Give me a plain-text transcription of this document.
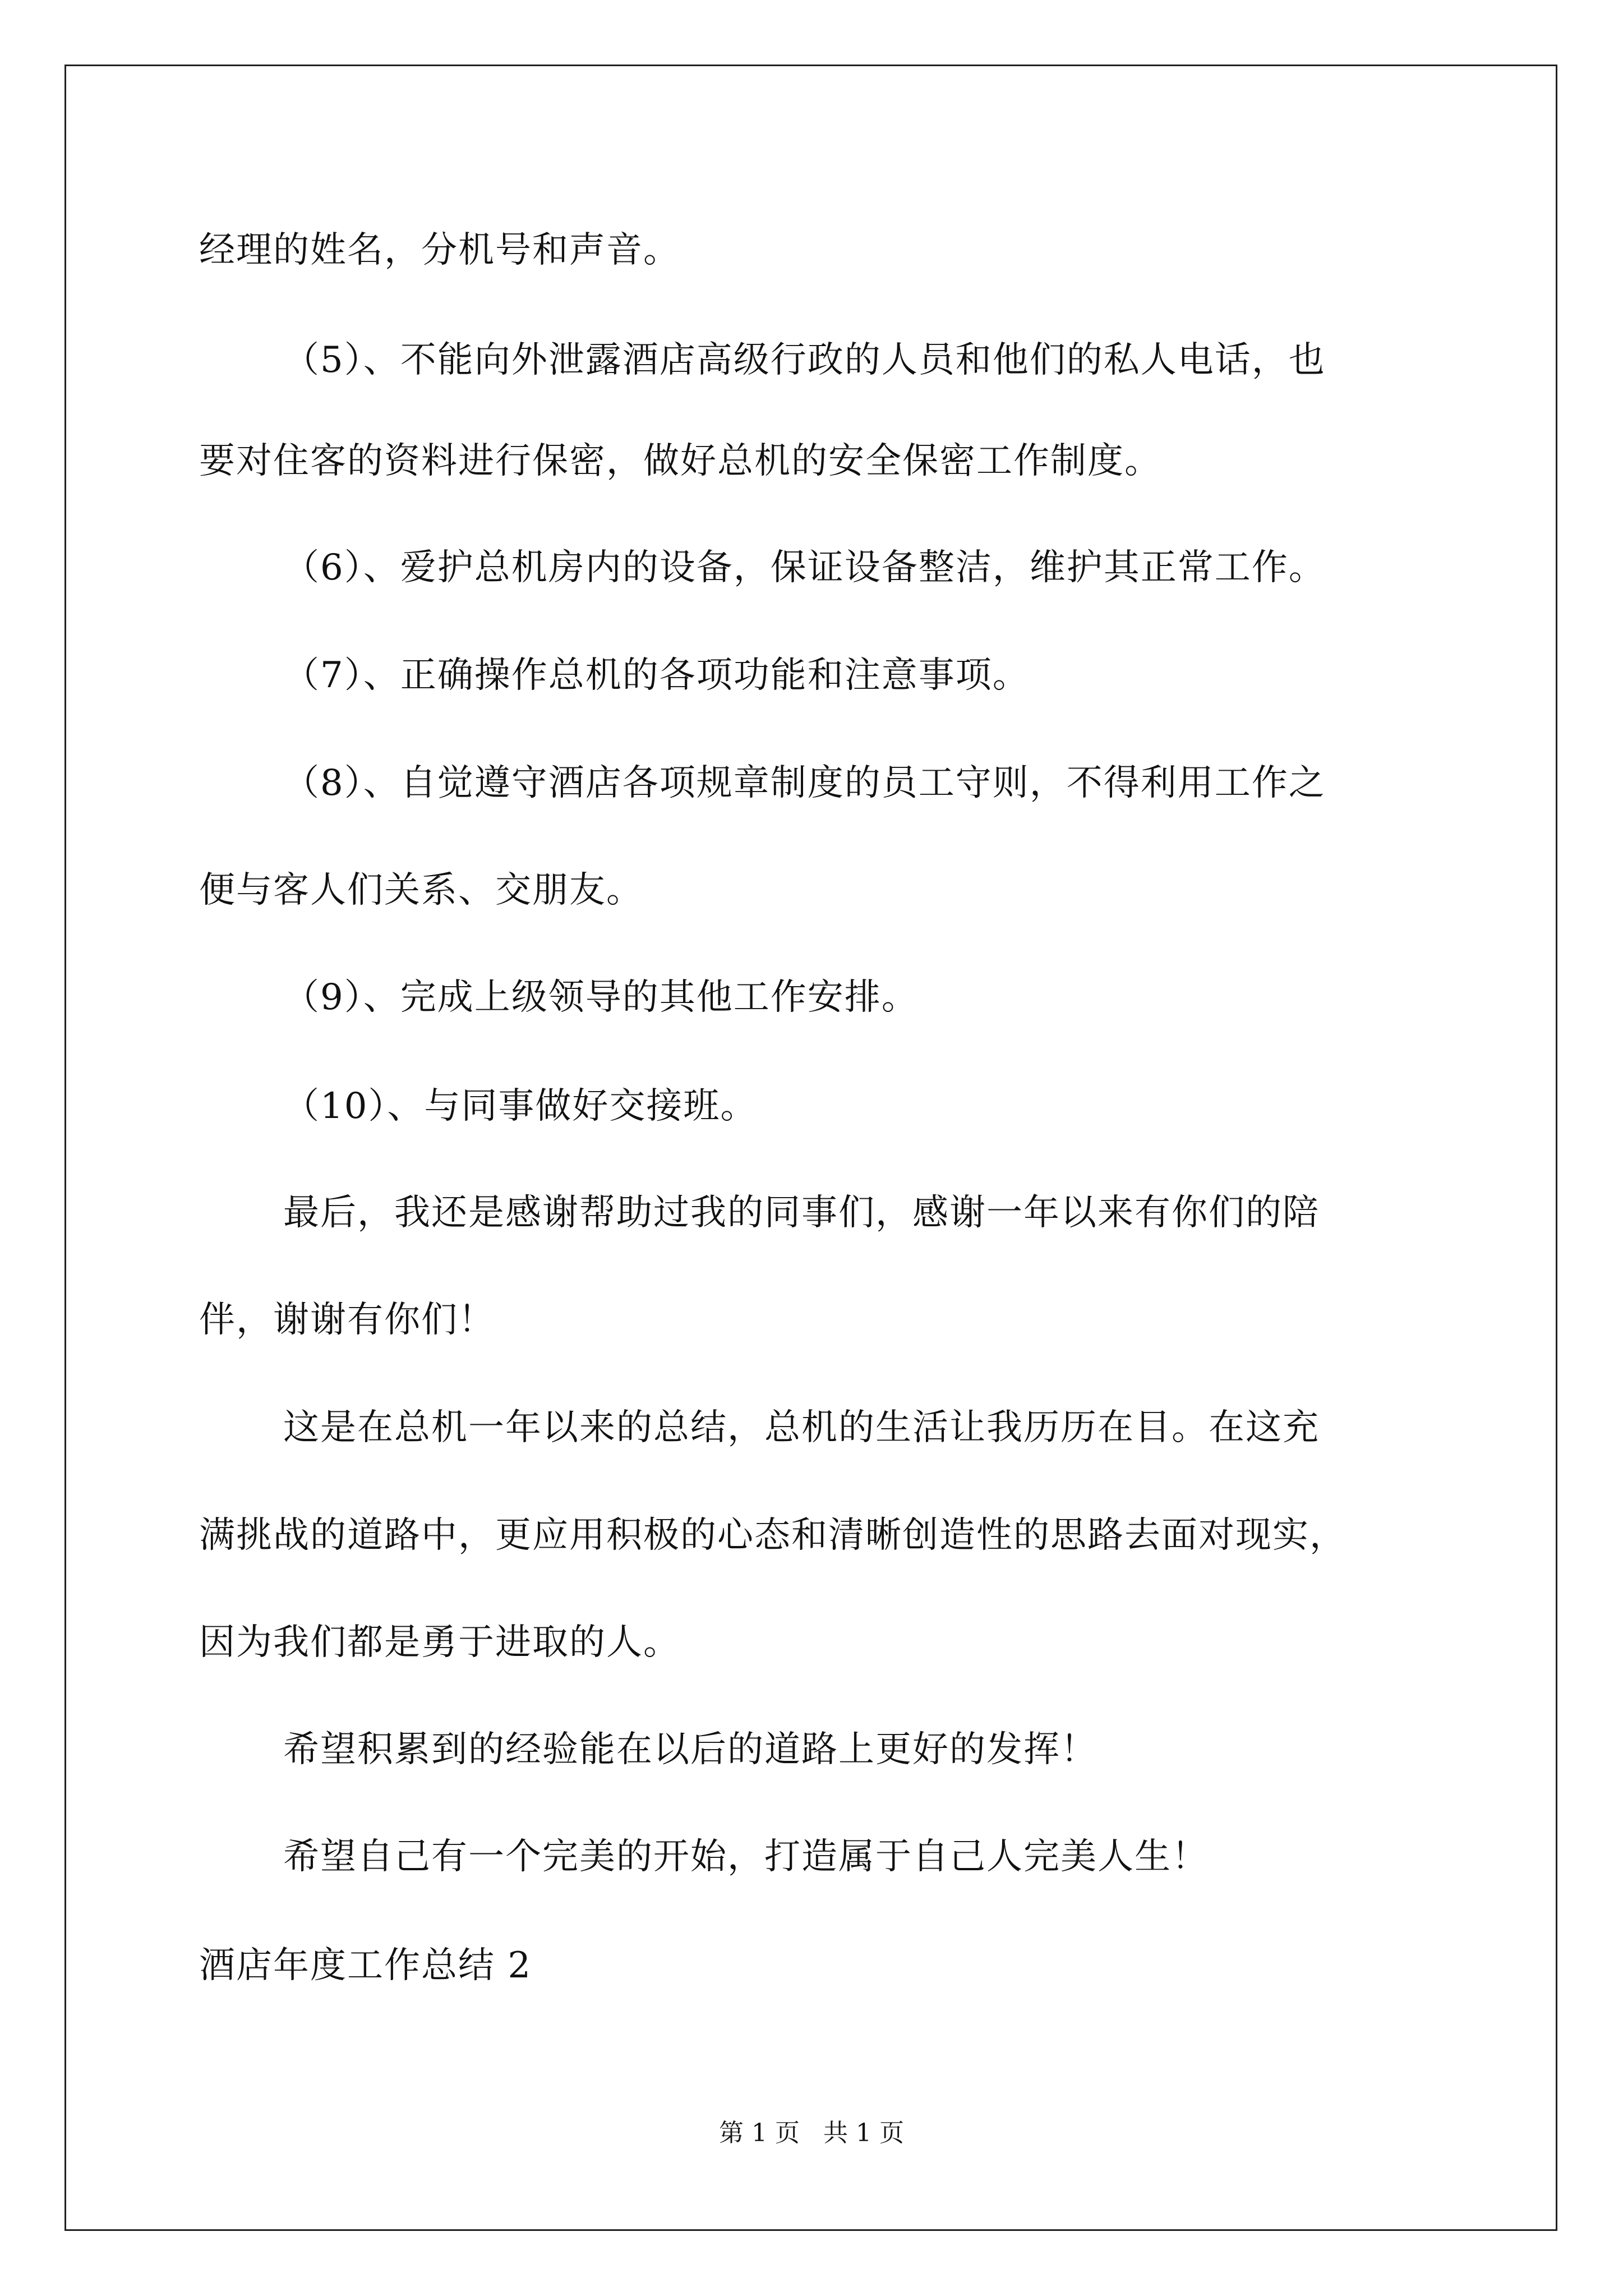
经理的姓名，分机号和声音。
（5）、不能向外泄露酒店高级行政的人员和他们的私人电话，也
要对住客的资料进行保密，做好总机的安全保密工作制度。
（6）、爱护总机房内的设备，保证设备整洁，维护其正常工作。
（7）、正确操作总机的各项功能和注意事项。
（8）、自觉遵守酒店各项规章制度的员工守则，不得利用工作之
便与客人们关系、交朋友。
（9）、完成上级领导的其他工作安排。
（10）、与同事做好交接班。
最后，我还是感谢帮助过我的同事们，感谢一年以来有你们的陪
伴，谢谢有你们！
这是在总机一年以来的总结，总机的生活让我历历在目。在这充
满挑战的道路中，更应用积极的心态和清晰创造性的思路去面对现实，
因为我们都是勇于进取的人。
希望积累到的经验能在以后的道路上更好的发挥！
希望自己有一个完美的开始，打造属于自己人完美人生！
酒店年度工作总结 2
第 1 页   共 1 页
